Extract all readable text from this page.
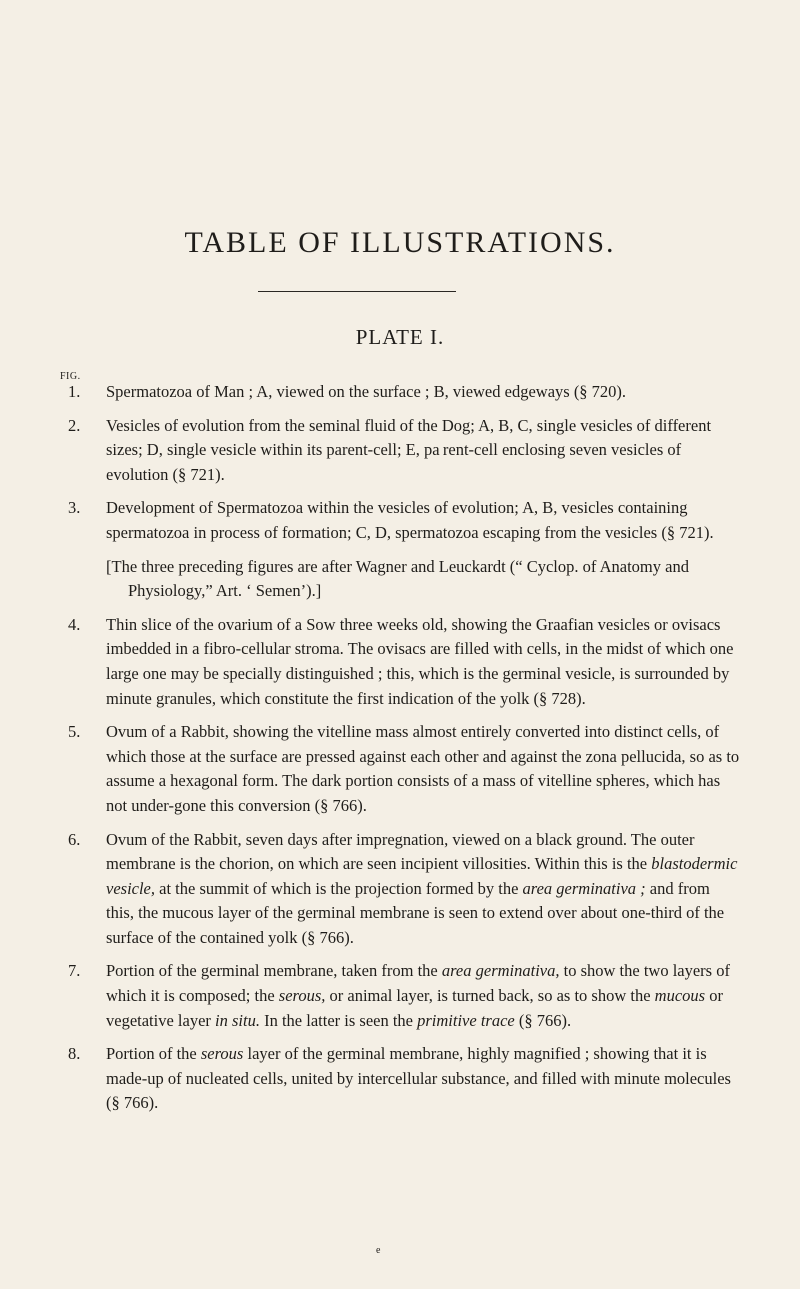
TABLE OF ILLUSTRATIONS.
PLATE I.
FIG.
1. Spermatozoa of Man ; A, viewed on the surface ; B, viewed edgeways (§ 720).
2. Vesicles of evolution from the seminal fluid of the Dog; A, B, C, single vesicles of different sizes; D, single vesicle within its parent-cell; E, pa rent-cell enclosing seven vesicles of evolution (§ 721).
3. Development of Spermatozoa within the vesicles of evolution; A, B, vesicles containing spermatozoa in process of formation; C, D, spermatozoa escaping from the vesicles (§ 721).
[The three preceding figures are after Wagner and Leuckardt (“ Cyclop. of Anatomy and Physiology,” Art. ‘ Semen’).]
4. Thin slice of the ovarium of a Sow three weeks old, showing the Graafian vesicles or ovisacs imbedded in a fibro-cellular stroma. The ovisacs are filled with cells, in the midst of which one large one may be specially distinguished ; this, which is the germinal vesicle, is surrounded by minute granules, which constitute the first indication of the yolk (§ 728).
5. Ovum of a Rabbit, showing the vitelline mass almost entirely converted into distinct cells, of which those at the surface are pressed against each other and against the zona pellucida, so as to assume a hexagonal form. The dark portion consists of a mass of vitelline spheres, which has not under-gone this conversion (§ 766).
6. Ovum of the Rabbit, seven days after impregnation, viewed on a black ground. The outer membrane is the chorion, on which are seen incipient villosities. Within this is the blastodermic vesicle, at the summit of which is the projection formed by the area germinativa ; and from this, the mucous layer of the germinal membrane is seen to extend over about one-third of the surface of the contained yolk (§ 766).
7. Portion of the germinal membrane, taken from the area germinativa, to show the two layers of which it is composed; the serous, or animal layer, is turned back, so as to show the mucous or vegetative layer in situ. In the latter is seen the primitive trace (§ 766).
8. Portion of the serous layer of the germinal membrane, highly magnified ; showing that it is made-up of nucleated cells, united by intercellular substance, and filled with minute molecules (§ 766).
e
